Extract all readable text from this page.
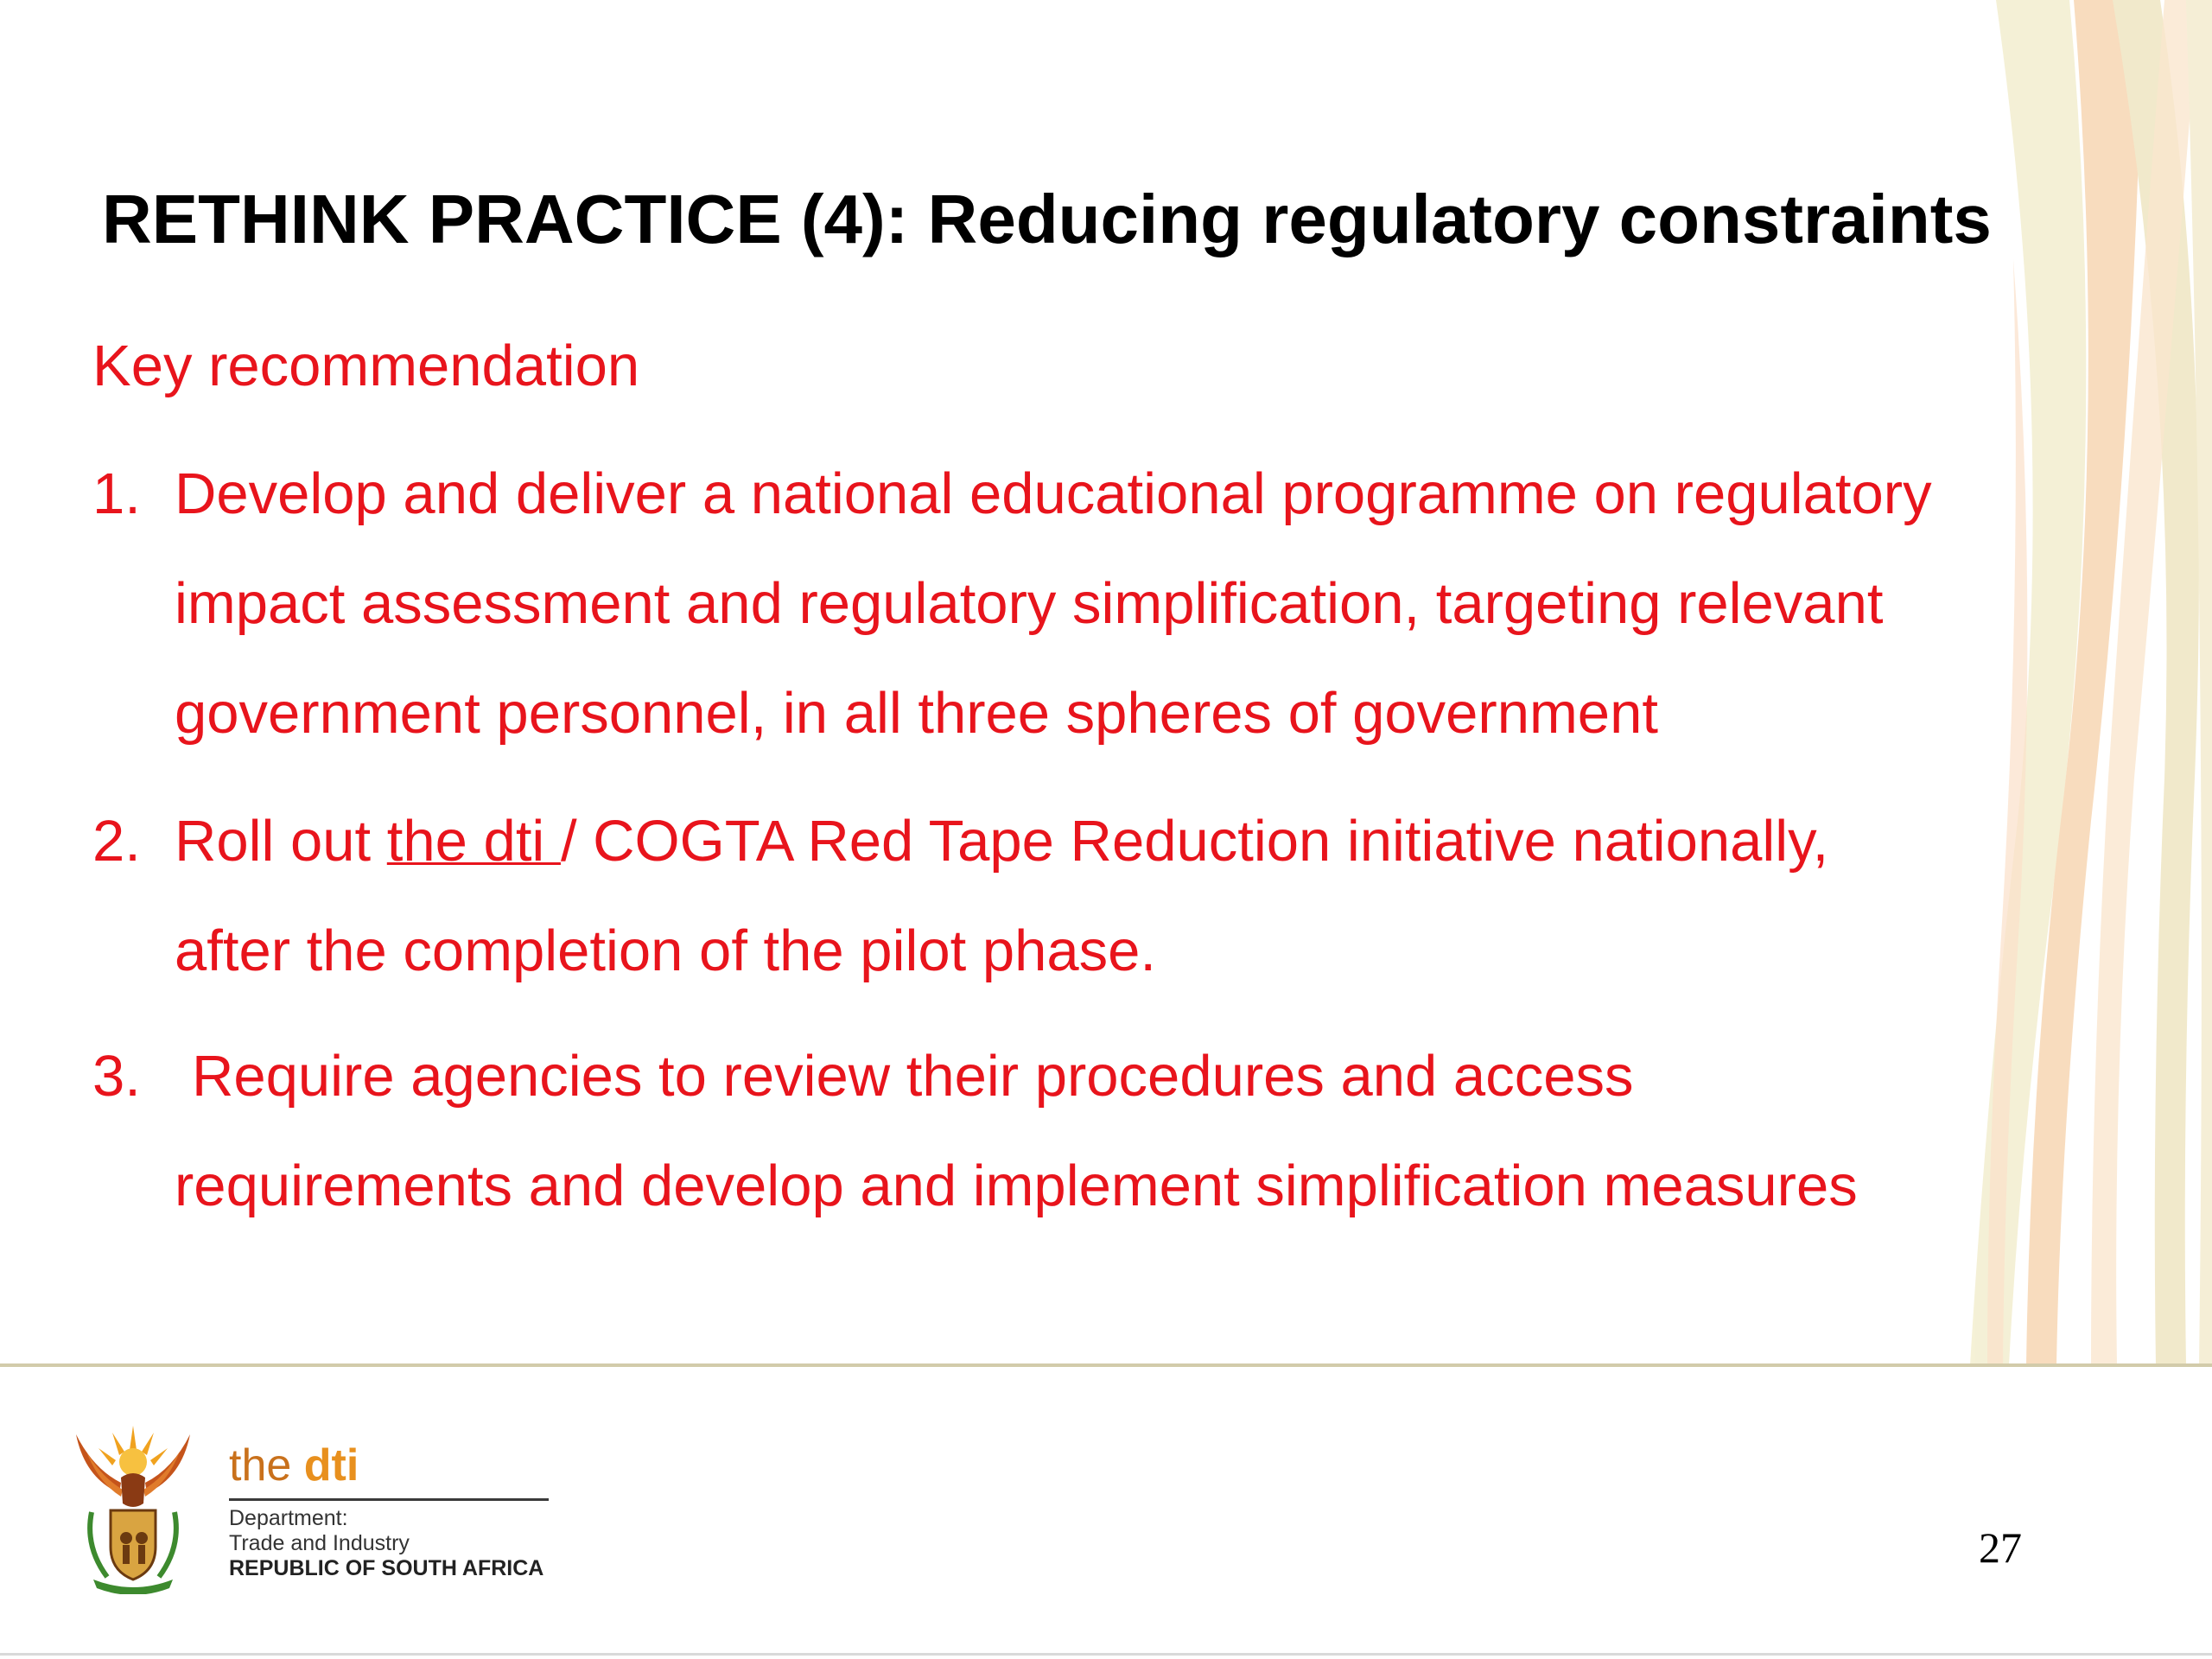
RETHINK PRACTICE (4): Reducing regulatory constraints
Key recommendation
1. Develop and deliver a national educational programme on regulatory
impact assessment and regulatory simplification, targeting relevant
government personnel, in all three spheres of government
2. Roll out the dti / COGTA Red Tape Reduction initiative nationally,
after the completion of the pilot phase.
3. Require agencies to review their procedures and access
requirements and develop and implement simplification measures
the dti
Department:
Trade and Industry
REPUBLIC OF SOUTH AFRICA	27
